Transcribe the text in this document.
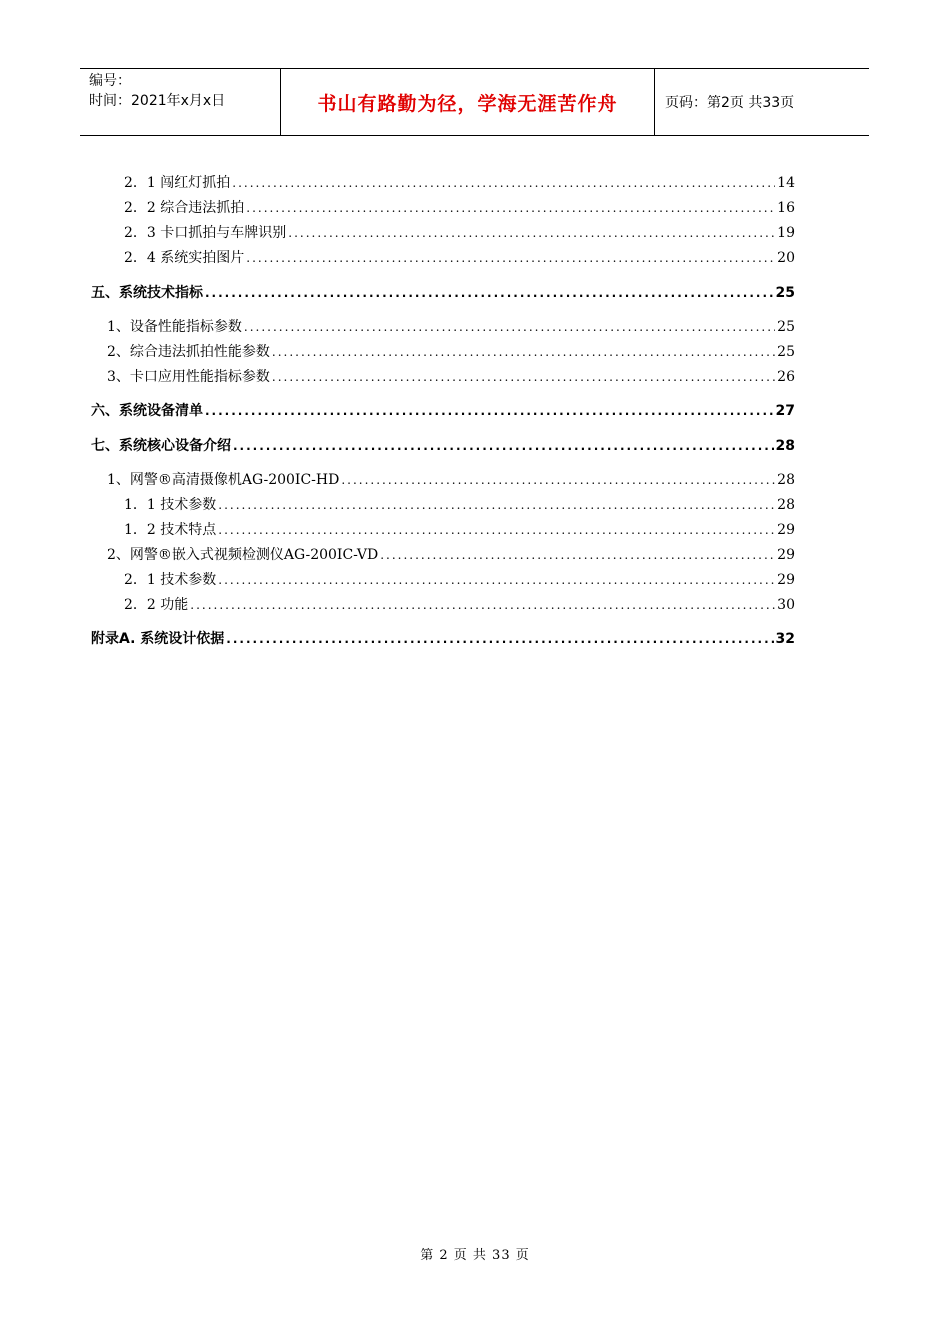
编号：
时间：2021年x月x日	书山有路勤为径，学海无涯苦作舟	页码：第2页 共33页
2．1 闯红灯抓拍 .....	14
2．2 综合违法抓拍 .....	16
2．3 卡口抓拍与车牌识别 .....	19
2．4 系统实拍图片 .....	20
五、系统技术指标 .....	25
1、设备性能指标参数 .....	25
2、综合违法抓拍性能参数 .....	25
3、卡口应用性能指标参数 .....	26
六、系统设备清单 .....	27
七、系统核心设备介绍 .....	28
1、网警®高清摄像机AG-200IC-HD .....	28
1．1 技术参数 .....	28
1．2 技术特点 .....	29
2、网警®嵌入式视频检测仪AG-200IC-VD .....	29
2．1 技术参数 .....	29
2．2 功能 .....	30
附录A. 系统设计依据 .....	32
第 2 页 共 33 页
